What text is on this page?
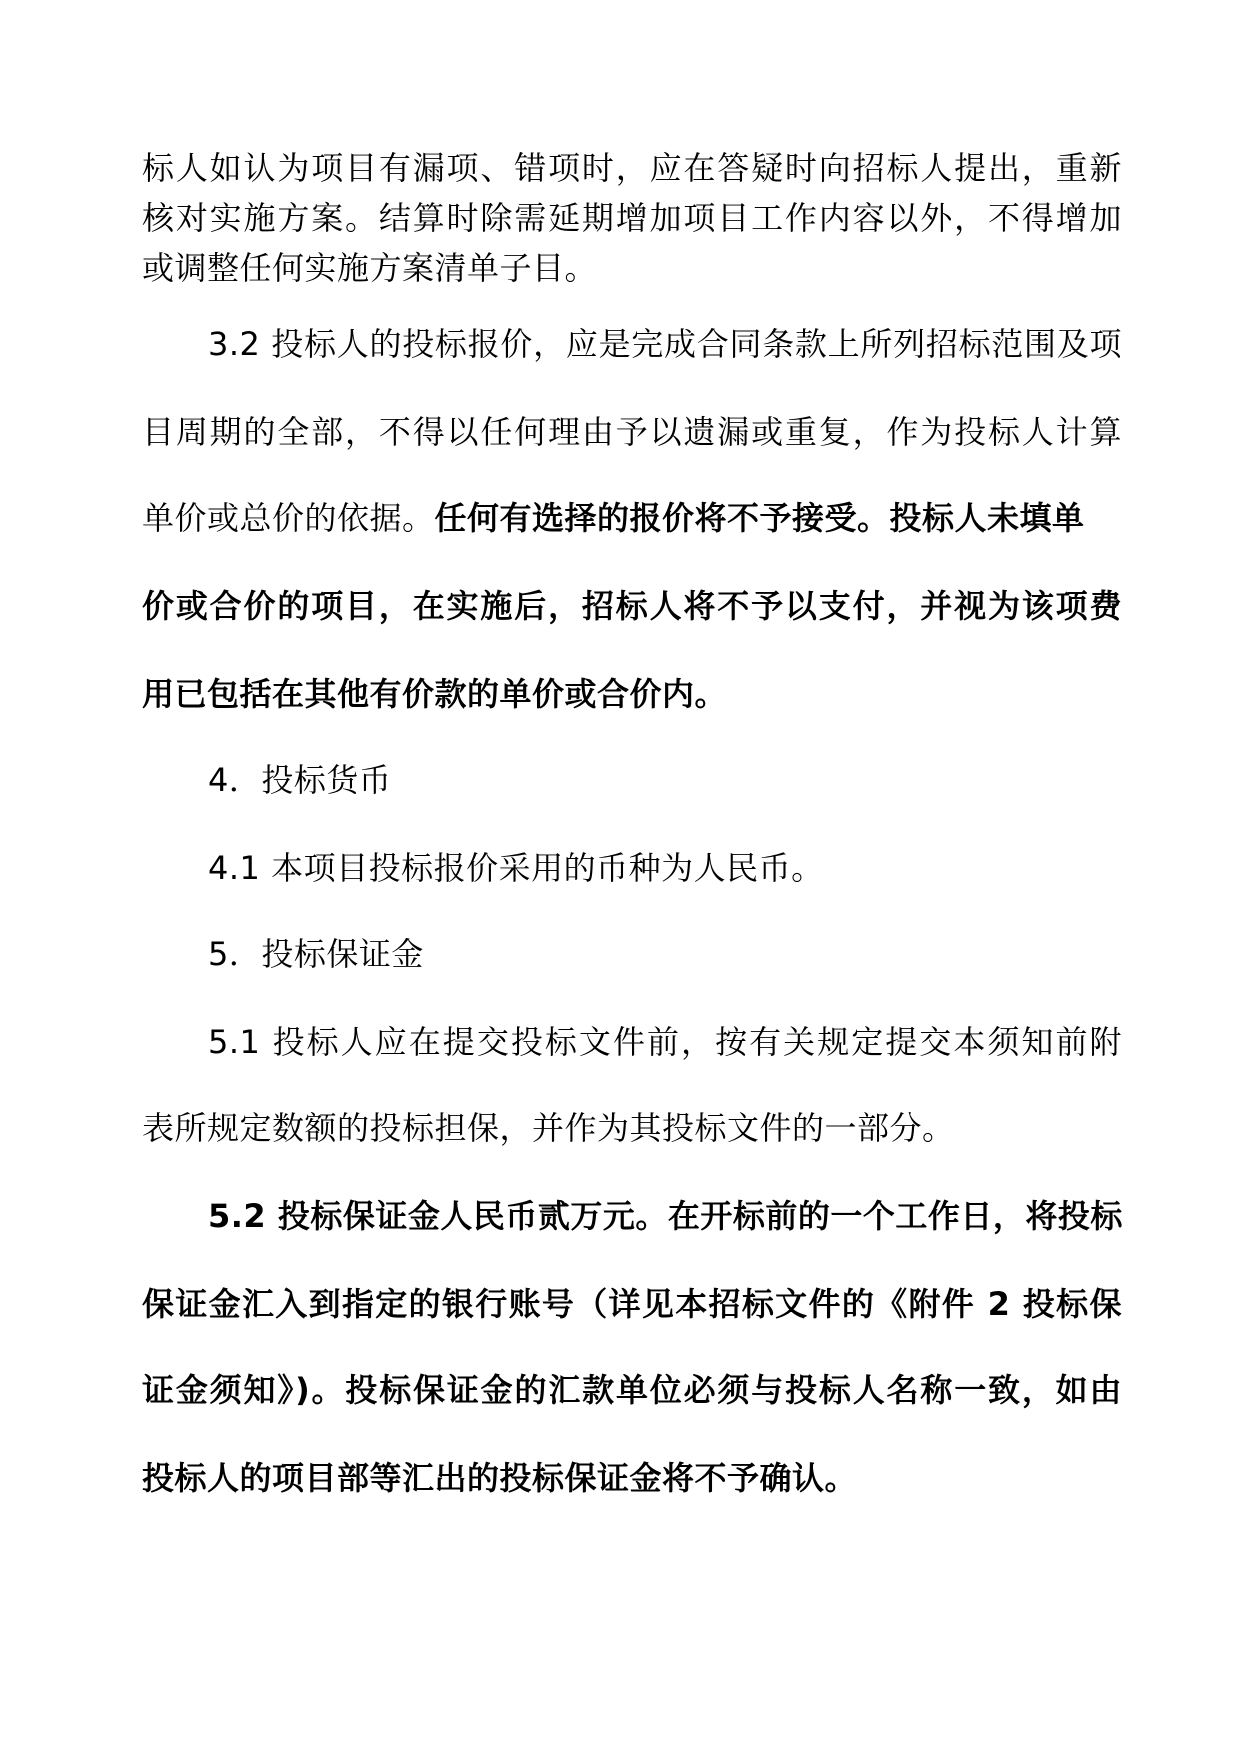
标人如认为项目有漏项、错项时，应在答疑时向招标人提出，重新
核对实施方案。结算时除需延期增加项目工作内容以外，不得增加
或调整任何实施方案清单子目。
3.2 投标人的投标报价，应是完成合同条款上所列招标范围及项
目周期的全部，不得以任何理由予以遗漏或重复，作为投标人计算
单价或总价的依据。任何有选择的报价将不予接受。投标人未填单
价或合价的项目，在实施后，招标人将不予以支付，并视为该项费
用已包括在其他有价款的单价或合价内。
4．投标货币
4.1 本项目投标报价采用的币种为人民币。
5．投标保证金
5.1 投标人应在提交投标文件前，按有关规定提交本须知前附
表所规定数额的投标担保，并作为其投标文件的一部分。
5.2 投标保证金人民币贰万元。在开标前的一个工作日，将投标
保证金汇入到指定的银行账号（详见本招标文件的《附件 2 投标保
证金须知》)。投标保证金的汇款单位必须与投标人名称一致，如由
投标人的项目部等汇出的投标保证金将不予确认。
